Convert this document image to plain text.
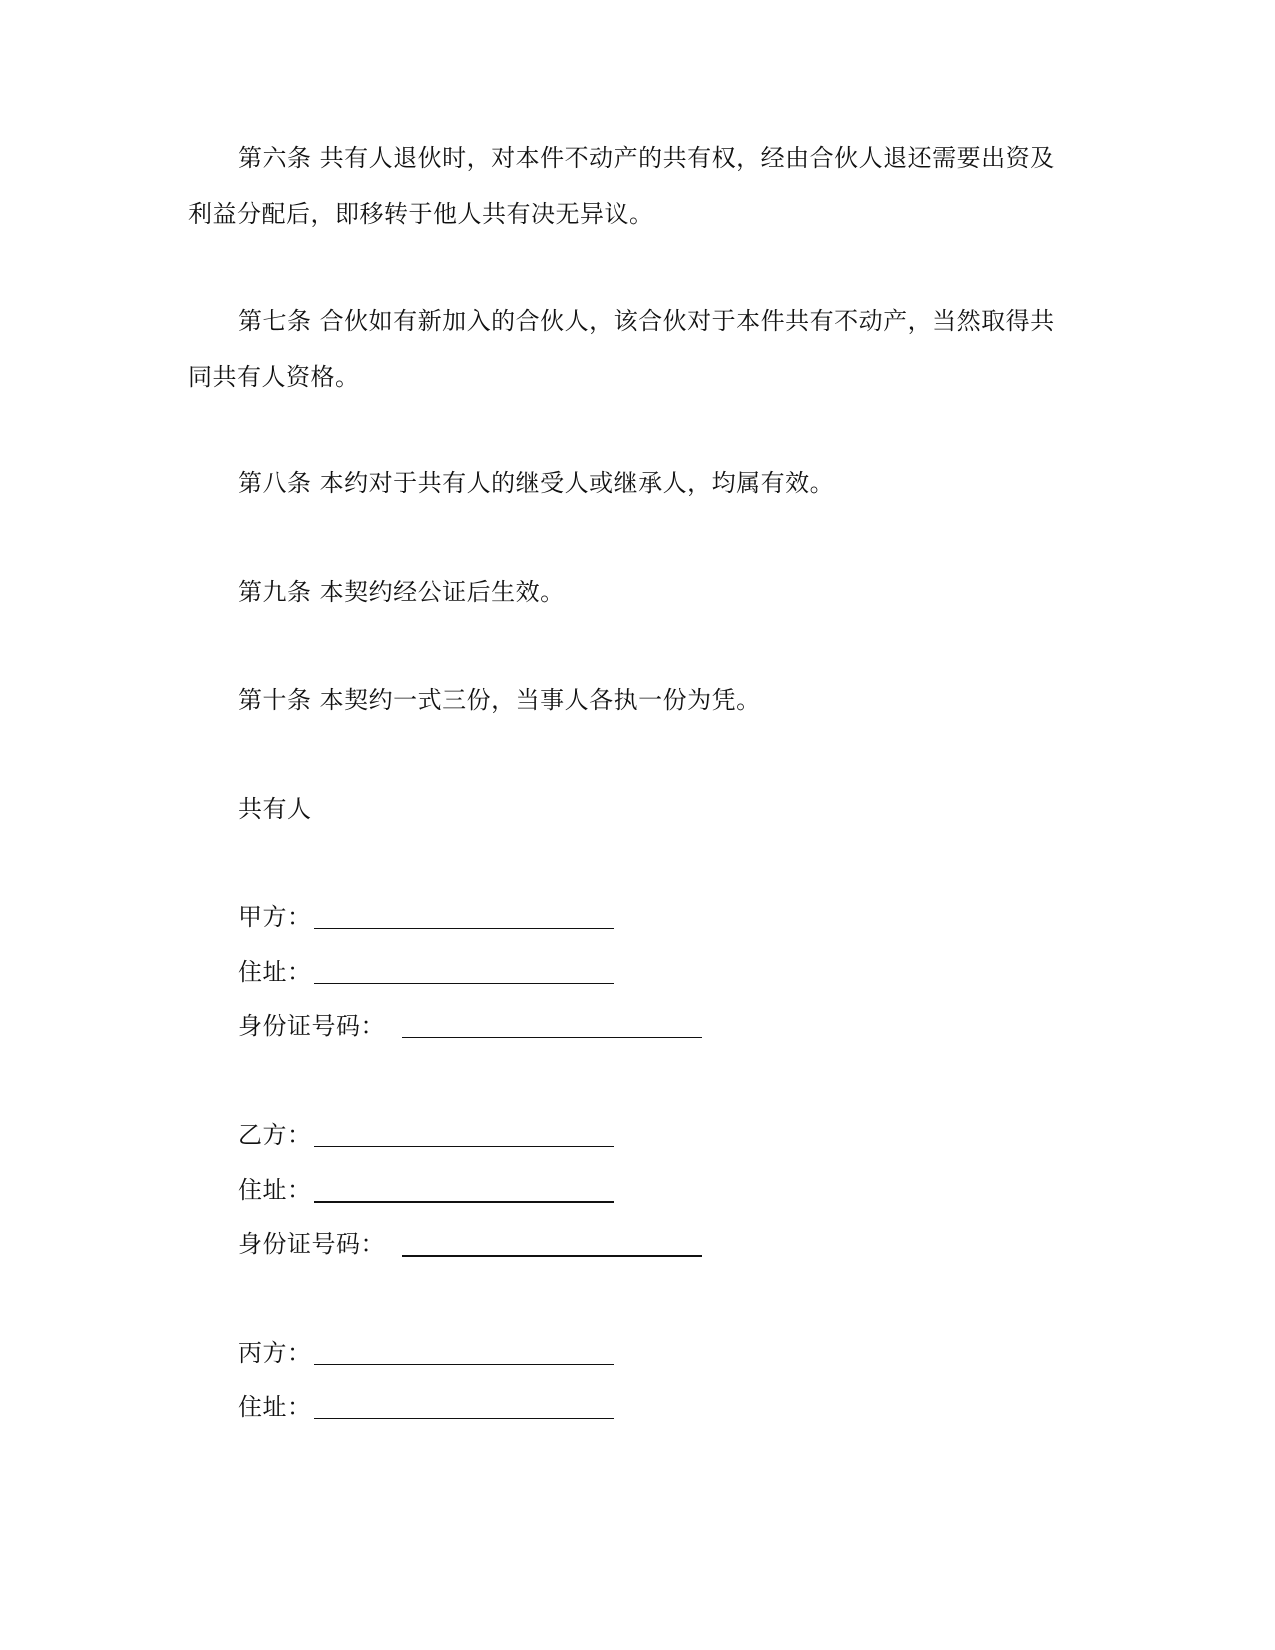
第六条 共有人退伙时，对本件不动产的共有权，经由合伙人退还需要出资及利益分配后，即移转于他人共有决无异议。

第七条 合伙如有新加入的合伙人，该合伙对于本件共有不动产，当然取得共同共有人资格。

第八条 本约对于共有人的继受人或继承人，均属有效。
第九条 本契约经公证后生效。
第十条 本契约一式三份，当事人各执一份为凭。
共有人
甲方：
住址：
身份证号码：
乙方：
住址：
身份证号码：
丙方：
住址：
